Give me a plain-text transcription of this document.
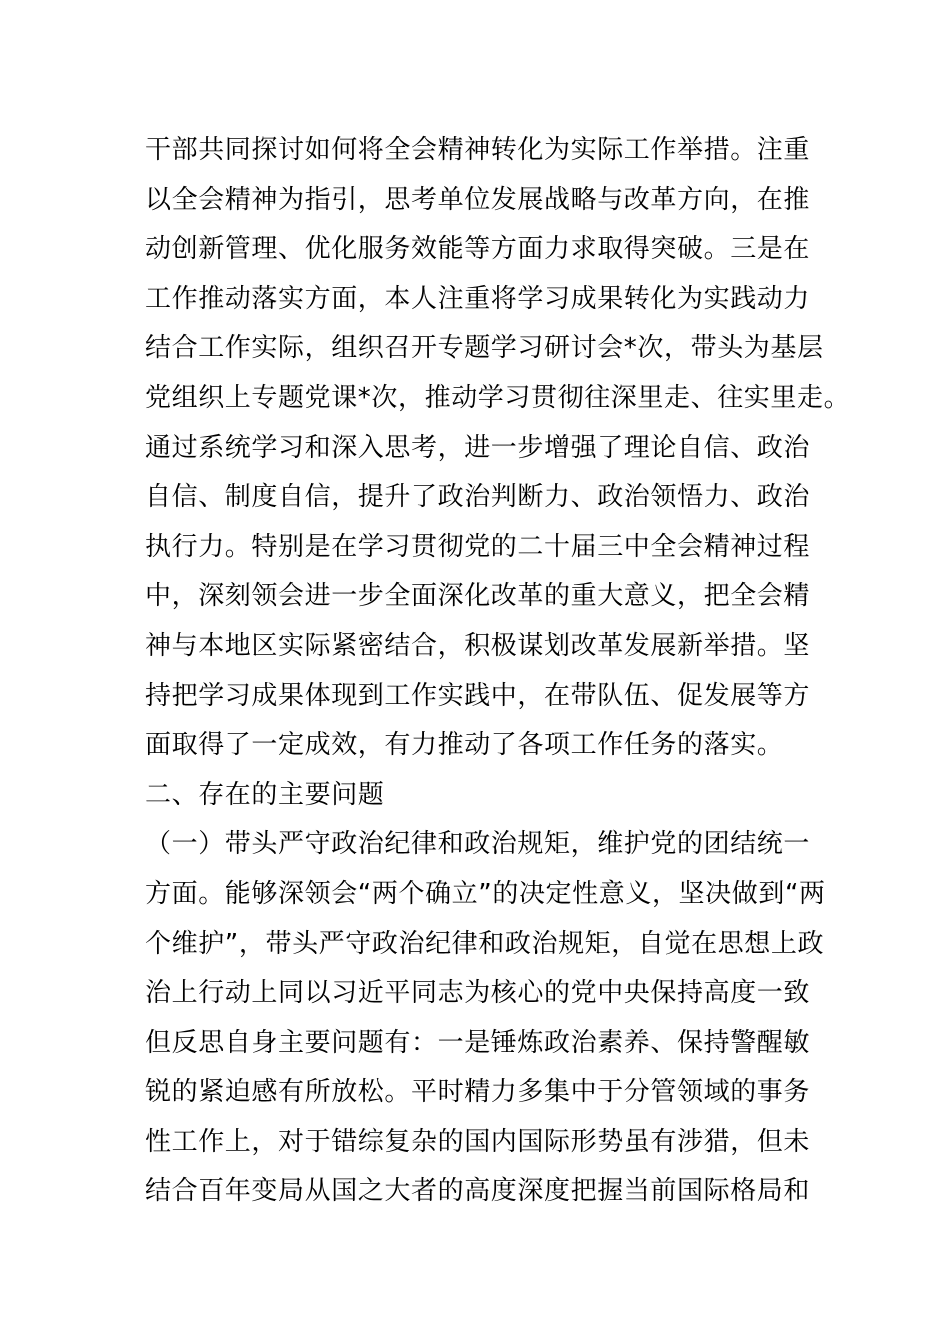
干部共同探讨如何将全会精神转化为实际工作举措。注重
以全会精神为指引，思考单位发展战略与改革方向，在推
动创新管理、优化服务效能等方面力求取得突破。三是在
工作推动落实方面，本人注重将学习成果转化为实践动力
结合工作实际，组织召开专题学习研讨会*次，带头为基层
党组织上专题党课*次，推动学习贯彻往深里走、往实里走。
通过系统学习和深入思考，进一步增强了理论自信、政治
自信、制度自信，提升了政治判断力、政治领悟力、政治
执行力。特别是在学习贯彻党的二十届三中全会精神过程
中，深刻领会进一步全面深化改革的重大意义，把全会精
神与本地区实际紧密结合，积极谋划改革发展新举措。坚
持把学习成果体现到工作实践中，在带队伍、促发展等方
面取得了一定成效，有力推动了各项工作任务的落实。
二、存在的主要问题
（一）带头严守政治纪律和政治规矩，维护党的团结统一
方面。能够深领会“两个确立”的决定性意义，坚决做到“两
个维护”，带头严守政治纪律和政治规矩，自觉在思想上政
治上行动上同以习近平同志为核心的党中央保持高度一致
但反思自身主要问题有：一是锤炼政治素养、保持警醒敏
锐的紧迫感有所放松。平时精力多集中于分管领域的事务
性工作上，对于错综复杂的国内国际形势虽有涉猎，但未
结合百年变局从国之大者的高度深度把握当前国际格局和
